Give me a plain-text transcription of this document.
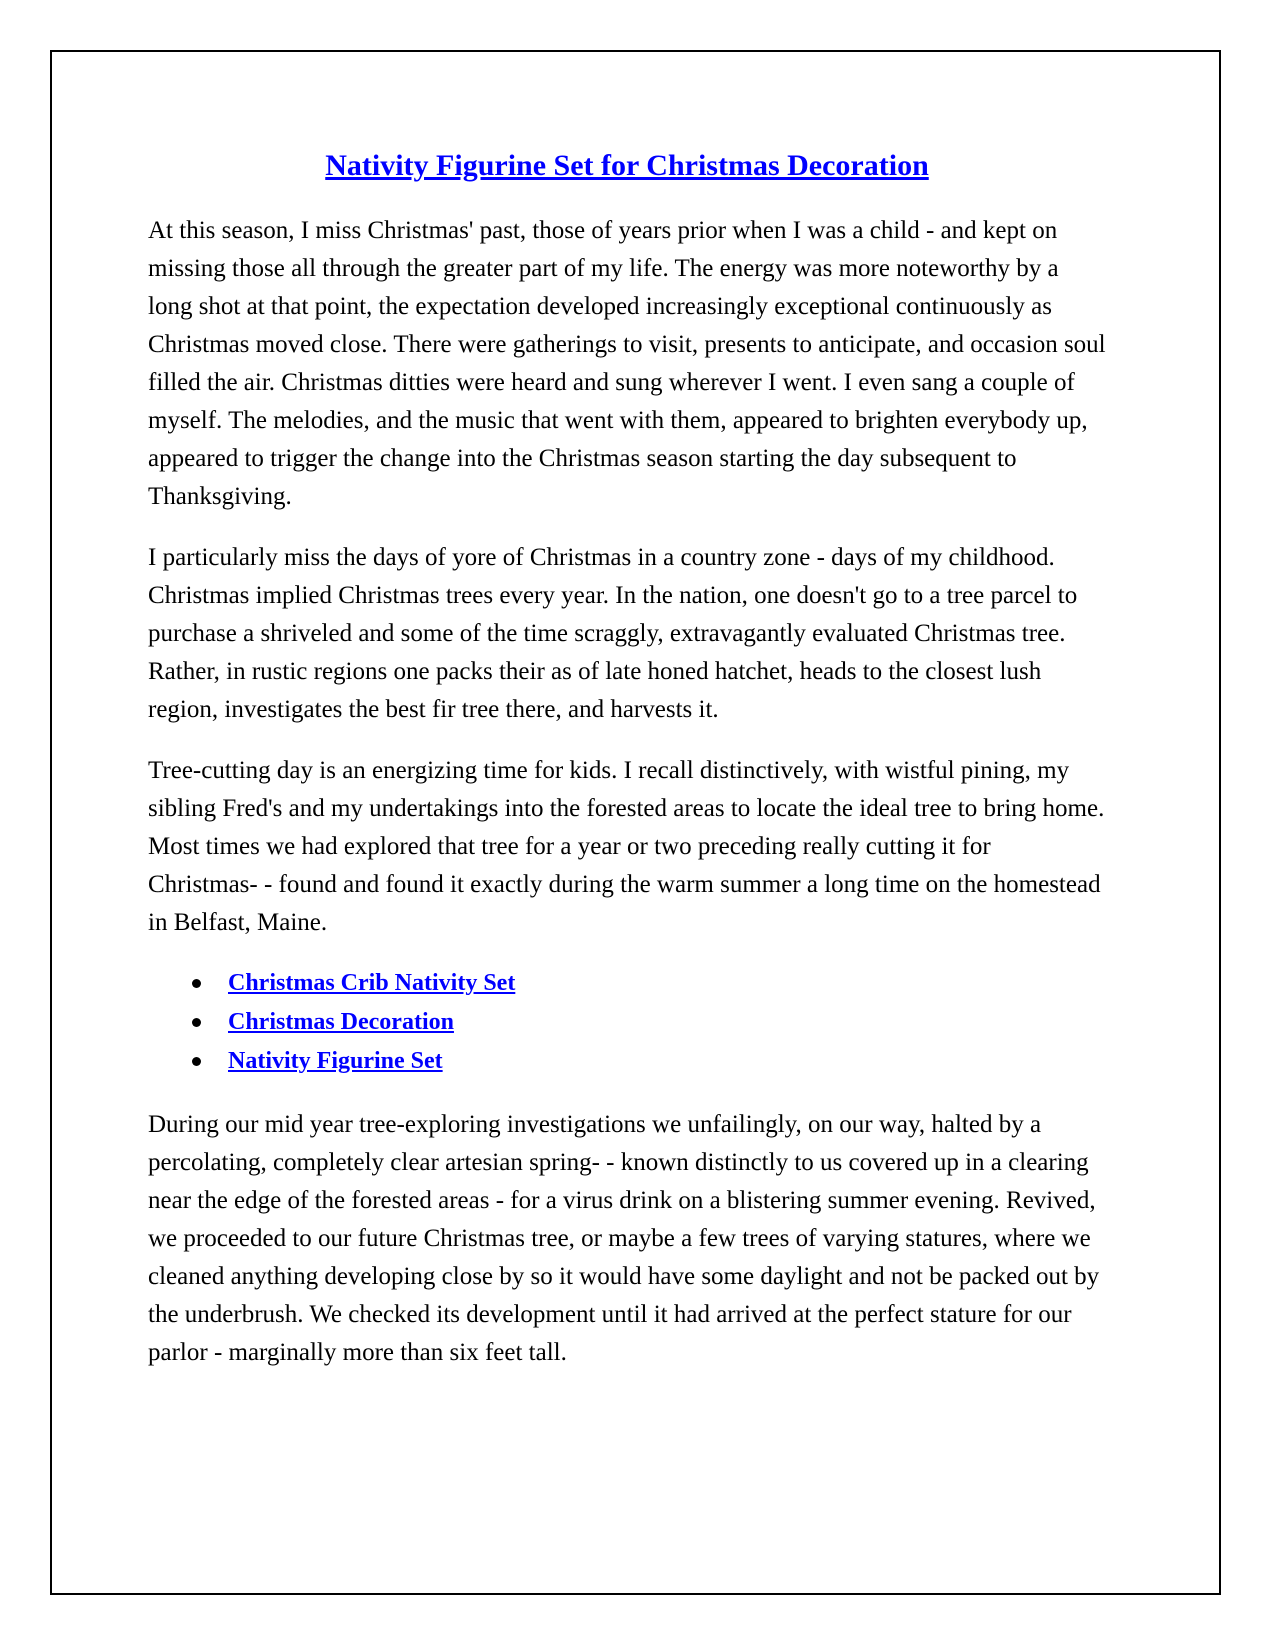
Nativity Figurine Set for Christmas Decoration

At this season, I miss Christmas' past, those of years prior when I was a child - and kept on missing those all through the greater part of my life. The energy was more noteworthy by a long shot at that point, the expectation developed increasingly exceptional continuously as Christmas moved close. There were gatherings to visit, presents to anticipate, and occasion soul filled the air. Christmas ditties were heard and sung wherever I went. I even sang a couple of myself. The melodies, and the music that went with them, appeared to brighten everybody up, appeared to trigger the change into the Christmas season starting the day subsequent to Thanksgiving.

I particularly miss the days of yore of Christmas in a country zone - days of my childhood. Christmas implied Christmas trees every year. In the nation, one doesn't go to a tree parcel to purchase a shriveled and some of the time scraggly, extravagantly evaluated Christmas tree. Rather, in rustic regions one packs their as of late honed hatchet, heads to the closest lush region, investigates the best fir tree there, and harvests it.

Tree-cutting day is an energizing time for kids. I recall distinctively, with wistful pining, my sibling Fred's and my undertakings into the forested areas to locate the ideal tree to bring home. Most times we had explored that tree for a year or two preceding really cutting it for Christmas- - found and found it exactly during the warm summer a long time on the homestead in Belfast, Maine.

Christmas Crib Nativity Set
Christmas Decoration
Nativity Figurine Set

During our mid year tree-exploring investigations we unfailingly, on our way, halted by a percolating, completely clear artesian spring- - known distinctly to us covered up in a clearing near the edge of the forested areas - for a virus drink on a blistering summer evening. Revived, we proceeded to our future Christmas tree, or maybe a few trees of varying statures, where we cleaned anything developing close by so it would have some daylight and not be packed out by the underbrush. We checked its development until it had arrived at the perfect stature for our parlor - marginally more than six feet tall.
